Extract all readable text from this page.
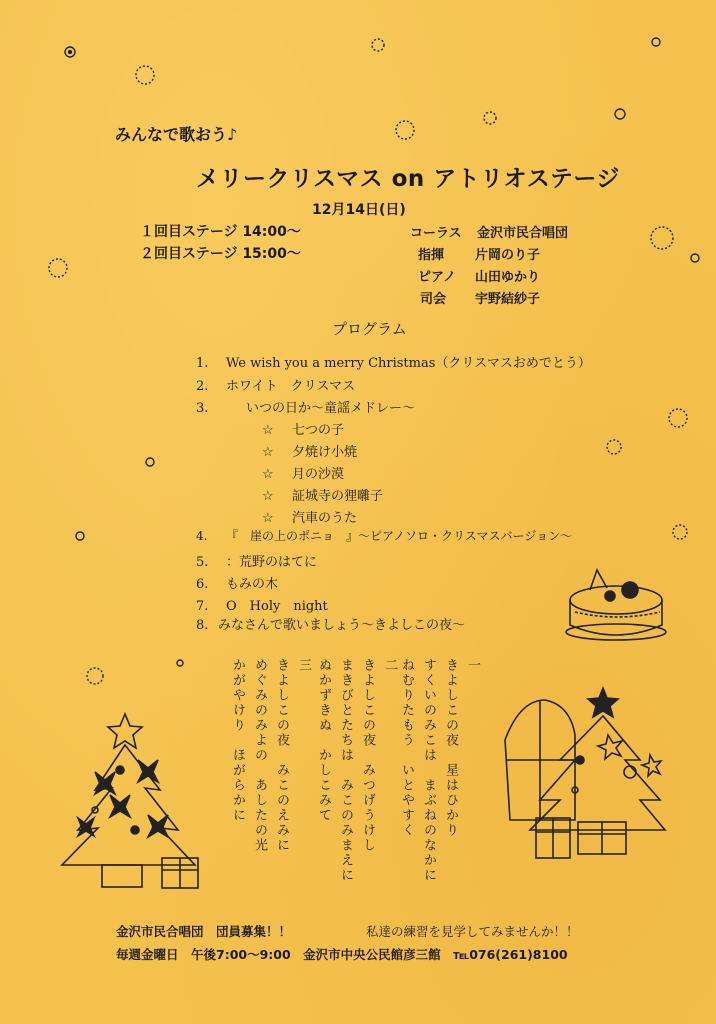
みんなで歌おう♪
メリークリスマス on アトリオステージ
12月14日(日)
１回目ステージ 14:00〜
２回目ステージ 15:00〜
コーラス 金沢市民合唱団
指揮 片岡のり子
ピアノ 山田ゆかり
司会 宇野結紗子
プログラム
1. We wish you a merry Christmas（クリスマスおめでとう）
2. ホワイト　クリスマス
3.	いつの日か〜童謡メドレー〜
☆ 七つの子
☆ 夕焼け小焼
☆ 月の沙漠
☆ 証城寺の狸囃子
☆ 汽車のうた
4. 『　崖の上のポニョ　』〜ピアノソロ・クリスマスバージョン〜
5. ：荒野のはてに
6. もみの木
7. O　Holy　night
8. みなさんで歌いましょう〜きよしこの夜〜
一
きよしこの夜　星はひかり
すくいのみこは　まぶねのなかに
ねむりたもう　いとやすく
二
きよしこの夜　みつげうけし
まきびとたちは　みこのみまえに
ぬかずきぬ　かしこみて
三
きよしこの夜　みこのえみに
めぐみのみよの　あしたの光
かがやけり　ほがらかに
金沢市民合唱団　団員募集！！	私達の練習を見学してみませんか！！
毎週金曜日　午後7:00〜9:00　金沢市中央公民館彦三館　℡076(261)8100
